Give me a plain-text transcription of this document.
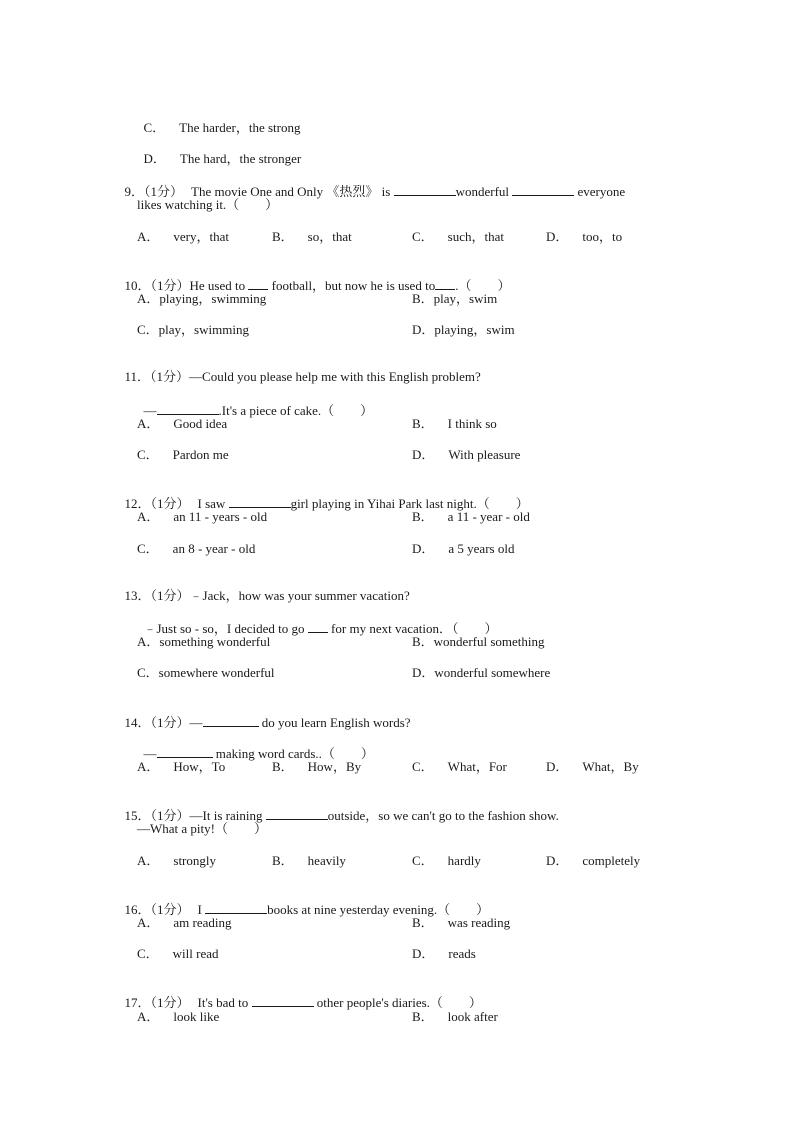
C． The harder，the strong

D． The hard，the stronger

9．（1分） The movie One and Only 《热烈》 is	wonderful	everyone

likes watching it.（　　）
A． very，that	B． so，that	C． such，that	D． too，to

10．（1分）He used to  football，but now he is used to .（　　）

A．playing，swimming	B．play，swim
C．play，swimming	D．playing，swim

11．（1分）—Could you please help me with this English problem?

—	.It's a piece of cake.（　　）

A． Good idea	B． I think so
C． Pardon me	D． With pleasure

12．（1分） I saw	girl playing in Yihai Park last night.（　　）

A． an 11 - years - old	B． a 11 - year - old
C． an 8 - year - old	D． a 5 years old

13．（1分）﹣Jack，how was your summer vacation?

﹣Just so - so，I decided to go  for my next vacation．（　　）

A．something wonderful	B．wonderful something
C．somewhere wonderful	D．wonderful somewhere

14．（1分）—	do you learn English words?

—	making word cards..（　　）

A． How，To	B． How，By	C． What，For	D． What，By

15．（1分）—It is raining	outside，so we can't go to the fashion show.

—What a pity!（　　）
A． strongly	B． heavily	C． hardly	D． completely

16．（1分） I	books at nine yesterday evening.（　　）

A． am reading	B． was reading
C． will read	D． reads

17．（1分） It's bad to	other people's diaries.（　　）

A． look like	B． look after
